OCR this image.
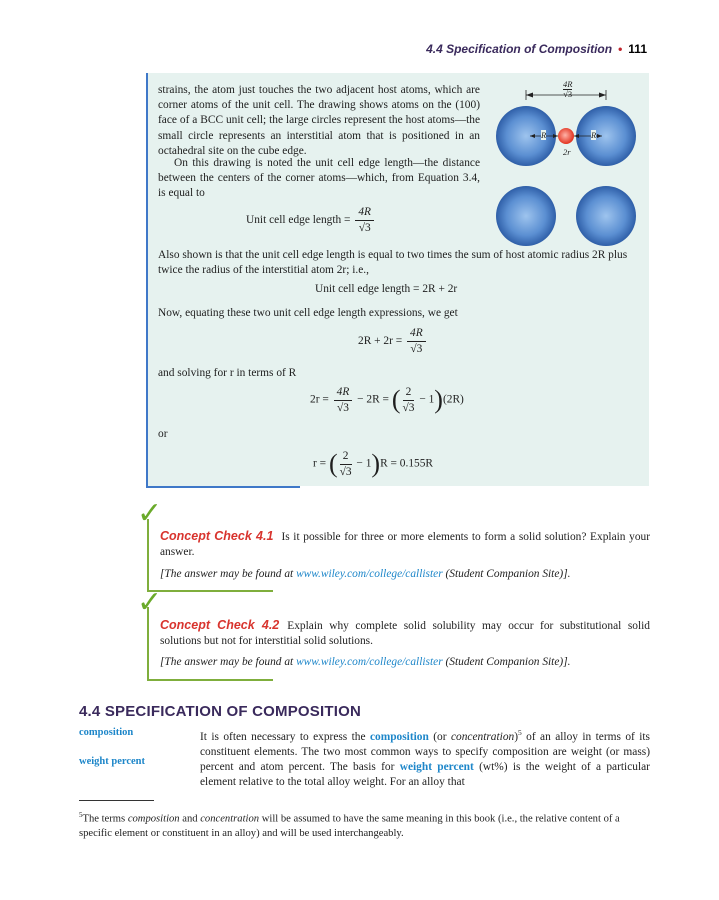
4.4 Specification of Composition • 111

strains, the atom just touches the two adjacent host atoms, which are corner atoms of the unit cell. The drawing shows atoms on the (100) face of a BCC unit cell; the large circles represent the host atoms—the small circle represents an interstitial atom that is positioned in an octahedral site on the cube edge.

On this drawing is noted the unit cell edge length—the distance between the centers of the corner atoms—which, from Equation 3.4, is equal to

$\frac{4R}{√3}$
R	R
2r
Unit cell edge length = $\frac{4R}{√3}$

Also shown is that the unit cell edge length is equal to two times the sum of host atomic radius 2R plus twice the radius of the interstitial atom 2r; i.e.,

Unit cell edge length = 2R + 2r

Now, equating these two unit cell edge length expressions, we get

$2R + 2r = \frac{4R}{√3}$

and solving for r in terms of R

$2r = \frac{4R}{√3} - 2R$ = ( $\frac{2}{√3} - 1)(2R)$
or
r = ( $\frac{2}{√3} - 1)R = 0.155R$
✓

Concept Check 4.1 Is it possible for three or more elements to form a solid solution? Explain your answer.

[The answer may be found at www.wiley.com/college/callister (Student Companion Site)].

✓

Concept Check 4.2 Explain why complete solid solubility may occur for substitutional solid solutions but not for interstitial solid solutions.

[The answer may be found at www.wiley.com/college/callister (Student Companion Site)].

4.4 SPECIFICATION OF COMPOSITION
composition
weight percent

It is often necessary to express the composition (or concentration)$^5$ of an alloy in terms of its constituent elements. The two most common ways to specify composition are weight (or mass) percent and atom percent. The basis for weight percent (wt%) is the weight of a particular element relative to the total alloy weight. For an alloy that

$^5$The terms composition and concentration will be assumed to have the same meaning in this book (i.e., the relative content of a specific element or constituent in an alloy) and will be used interchangeably.
